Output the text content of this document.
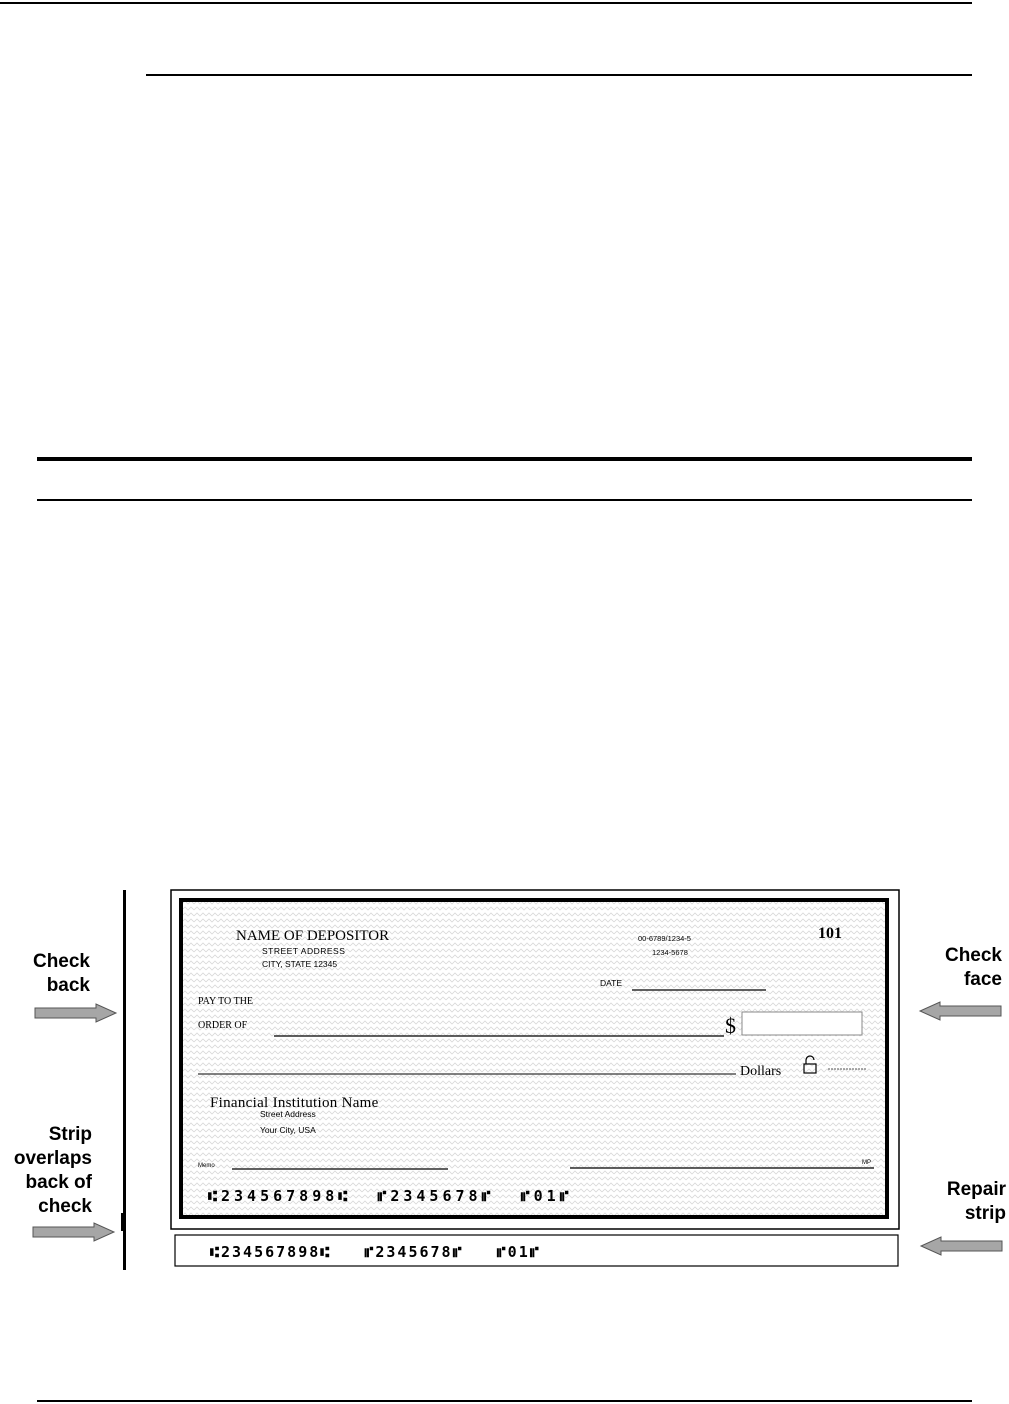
Check
back
Strip
overlaps
back of
check
Check
face
Repair
strip
NAME OF DEPOSITOR
STREET ADDRESS
CITY, STATE 12345
00-6789/1234-5
1234-5678
101
DATE
PAY TO THE
ORDER OF	$
Dollars
Financial Institution Name
Street Address
Your City, USA
Memo	MP
⑆234567898⑆  ⑈2345678⑈  ⑈01⑈
⑆234567898⑆   ⑈2345678⑈   ⑈01⑈
